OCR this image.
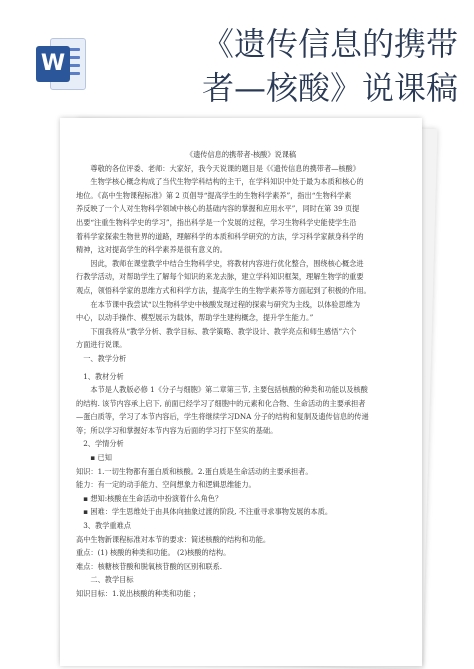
W
《遗传信息的携带
者—核酸》说课稿

《遗传信息的携带者-核酸》说课稿

尊敬的各位评委、老师：大家好，我今天说课的题目是《《遗传信息的携带者—核酸》

生物学核心概念构成了当代生物学科结构的主干，在学科知识中处于最为本质和核心的

地位。《高中生物课程标准》第 2 页倡导“提高学生的生物科学素养”，指出“生物科学素

养反映了一个人对生物科学领域中核心的基础内容的掌握和应用水平”，同时在第 39 页提

出要“注重生物科学史的学习”，指出科学是一个发展的过程，学习生物科学史能使学生沿

着科学家探索生物世界的道路，理解科学的本质和科学研究的方法，学习科学家献身科学的

精神，这对提高学生的科学素养是很有意义的。

因此，教师在课堂教学中结合生物科学史，将教材内容进行优化整合，围绕核心概念进

行教学活动，对帮助学生了解每个知识的来龙去脉，建立学科知识框架，理解生物学的重要

观点，领悟科学家的思维方式和科学方法，提高学生的生物学素养等方面起到了积极的作用。

在本节课中我尝试“以生物科学史中核酸发现过程的探索与研究为主线，以体验思维为

中心，以动手操作、模型展示为载体，帮助学生建构概念，提升学生能力。”

下面我将从“教学分析、教学目标、教学策略、教学设计、教学亮点和师生感悟”六个

方面进行说课。

一、教学分析

1、教材分析

本节是人教版必修 1《分子与细胞》第二章第三节, 主要包括核酸的种类和功能以及核酸

的结构. 该节内容承上启下, 前面已经学习了细胞中的元素和化合物、生命活动的主要承担者

—蛋白质等，学习了本节内容后，学生将继续学习DNA 分子的结构和复制及遗传信息的传递

等；所以学习和掌握好本节内容为后面的学习打下坚实的基础。

2、学情分析

▪ 已知

知识：1.一切生物都有蛋白质和核酸。2.蛋白质是生命活动的主要承担者。

能力：有一定的动手能力、空间想象力和逻辑思维能力。

▪ 想知:核酸在生命活动中扮演着什么角色？

▪ 困难：学生思维处于由具体向抽象过渡的阶段, 不注重寻求事物发展的本质。

3、教学重难点

高中生物新课程标准对本节的要求：简述核酸的结构和功能。

重点：(1) 核酸的种类和功能。 (2)核酸的结构。

难点：核糖核苷酸和脱氧核苷酸的区别和联系.

二、教学目标

知识目标：1.说出核酸的种类和功能 ；
